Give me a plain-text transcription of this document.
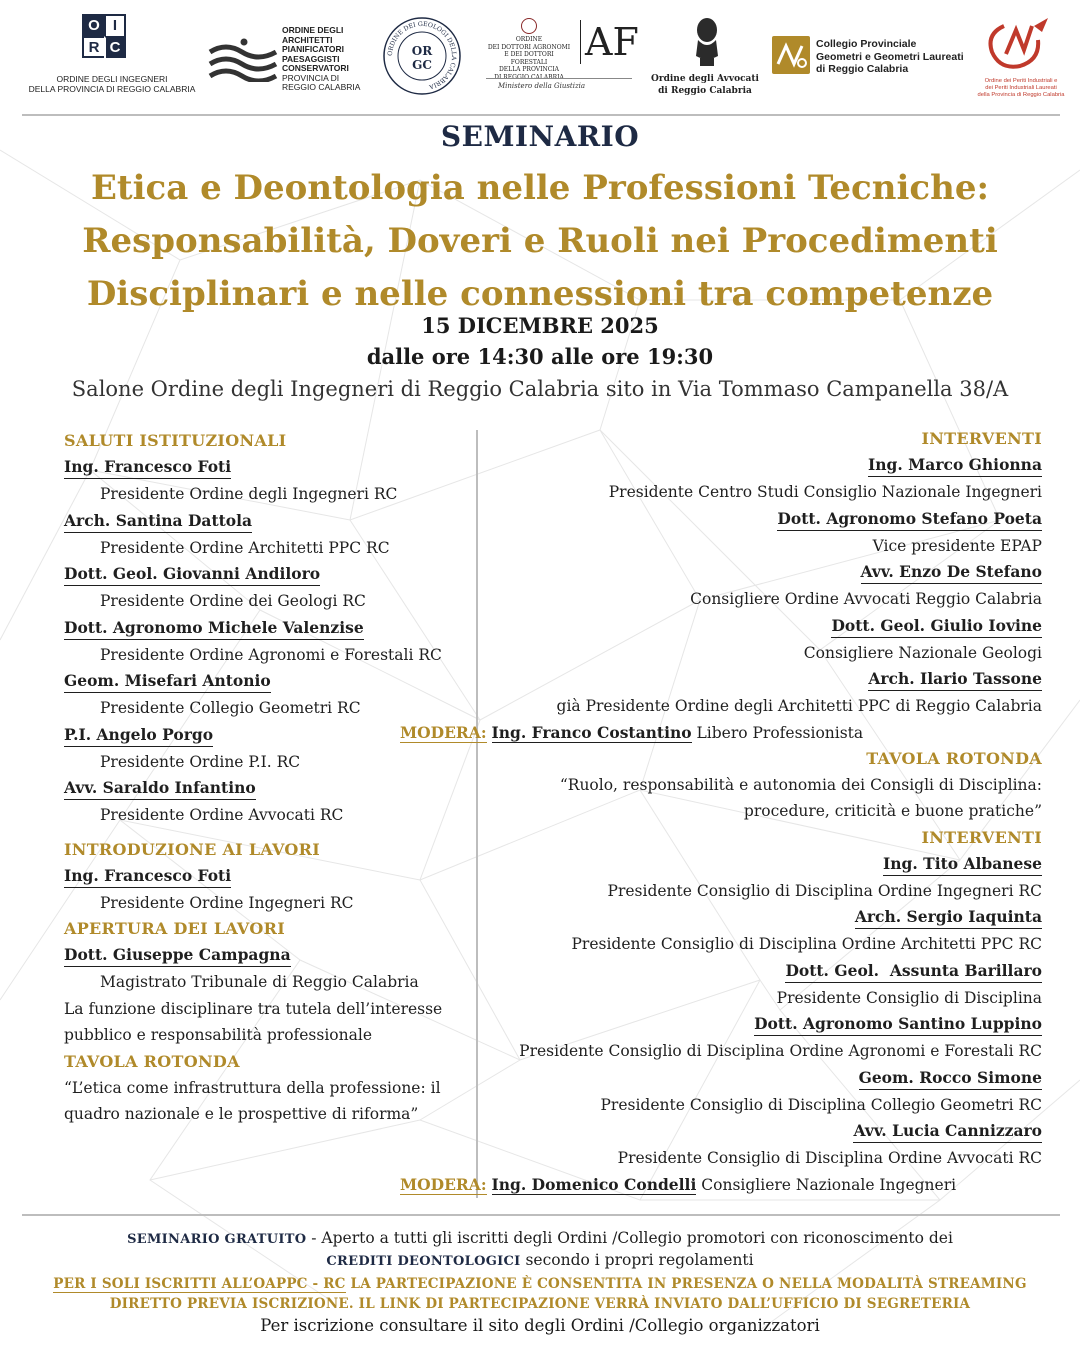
O I
R C
ORDINE DEGLI INGEGNERI
DELLA PROVINCIA DI REGGIO CALABRIA
ORDINE DEGLI
ARCHITETTI
PIANIFICATORI
PAESAGGISTI
CONSERVATORI
PROVINCIA DI
REGGIO CALABRIA
ORDINE DEI GEOLOGI DELLA CALABRIA
OR
GC
ORDINE
DEI DOTTORI AGRONOMI
E DEI DOTTORI FORESTALI
DELLA PROVINCIA
DI REGGIO CALABRIA
AF
Ministero della Giustizia
Ordine degli Avvocati
di Reggio Calabria
Collegio Provinciale
Geometri e Geometri Laureati
di Reggio Calabria
Ordine dei Periti Industriali e
dei Periti Industriali Laureati
della Provincia di Reggio Calabria
SEMINARIO
Etica e Deontologia nelle Professioni Tecniche:
Responsabilità, Doveri e Ruoli nei Procedimenti
Disciplinari e nelle connessioni tra competenze
15 DICEMBRE 2025
dalle ore 14:30 alle ore 19:30
Salone Ordine degli Ingegneri di Reggio Calabria sito in Via Tommaso Campanella 38/A
SALUTI ISTITUZIONALI
Ing. Francesco Foti
Presidente Ordine degli Ingegneri RC
Arch. Santina Dattola
Presidente Ordine Architetti PPC RC
Dott. Geol. Giovanni Andiloro
Presidente Ordine dei Geologi RC
Dott. Agronomo Michele Valenzise
Presidente Ordine Agronomi e Forestali RC
Geom. Misefari Antonio
Presidente Collegio Geometri RC
P.I. Angelo Porgo
Presidente Ordine P.I. RC
Avv. Saraldo Infantino
Presidente Ordine Avvocati RC
INTRODUZIONE AI LAVORI
Ing. Francesco Foti
Presidente Ordine Ingegneri RC
APERTURA DEI LAVORI
Dott. Giuseppe Campagna
Magistrato Tribunale di Reggio Calabria
La funzione disciplinare tra tutela dell’interesse
pubblico e responsabilità professionale
TAVOLA ROTONDA
“L’etica come infrastruttura della professione: il
quadro nazionale e le prospettive di riforma”
INTERVENTI
Ing. Marco Ghionna
Presidente Centro Studi Consiglio Nazionale Ingegneri
Dott. Agronomo Stefano Poeta
Vice presidente EPAP
Avv. Enzo De Stefano
Consigliere Ordine Avvocati Reggio Calabria
Dott. Geol. Giulio Iovine
Consigliere Nazionale Geologi
Arch. Ilario Tassone
già Presidente Ordine degli Architetti PPC di Reggio Calabria
MODERA: Ing. Franco Costantino Libero Professionista
TAVOLA ROTONDA
“Ruolo, responsabilità e autonomia dei Consigli di Disciplina:
procedure, criticità e buone pratiche”
INTERVENTI
Ing. Tito Albanese
Presidente Consiglio di Disciplina Ordine Ingegneri RC
Arch. Sergio Iaquinta
Presidente Consiglio di Disciplina Ordine Architetti PPC RC
Dott. Geol.  Assunta Barillaro
Presidente Consiglio di Disciplina
Dott. Agronomo Santino Luppino
Presidente Consiglio di Disciplina Ordine Agronomi e Forestali RC
Geom. Rocco Simone
Presidente Consiglio di Disciplina Collegio Geometri RC
Avv. Lucia Cannizzaro
Presidente Consiglio di Disciplina Ordine Avvocati RC
MODERA: Ing. Domenico Condelli Consigliere Nazionale Ingegneri
SEMINARIO GRATUITO - Aperto a tutti gli iscritti degli Ordini /Collegio promotori con riconoscimento dei
CREDITI DEONTOLOGICI secondo i propri regolamenti
PER I SOLI ISCRITTI ALL’OAPPC - RC LA PARTECIPAZIONE È CONSENTITA IN PRESENZA O NELLA MODALITÀ STREAMING
DIRETTO PREVIA ISCRIZIONE. IL LINK DI PARTECIPAZIONE VERRÀ INVIATO DALL’UFFICIO DI SEGRETERIA
Per iscrizione consultare il sito degli Ordini /Collegio organizzatori
